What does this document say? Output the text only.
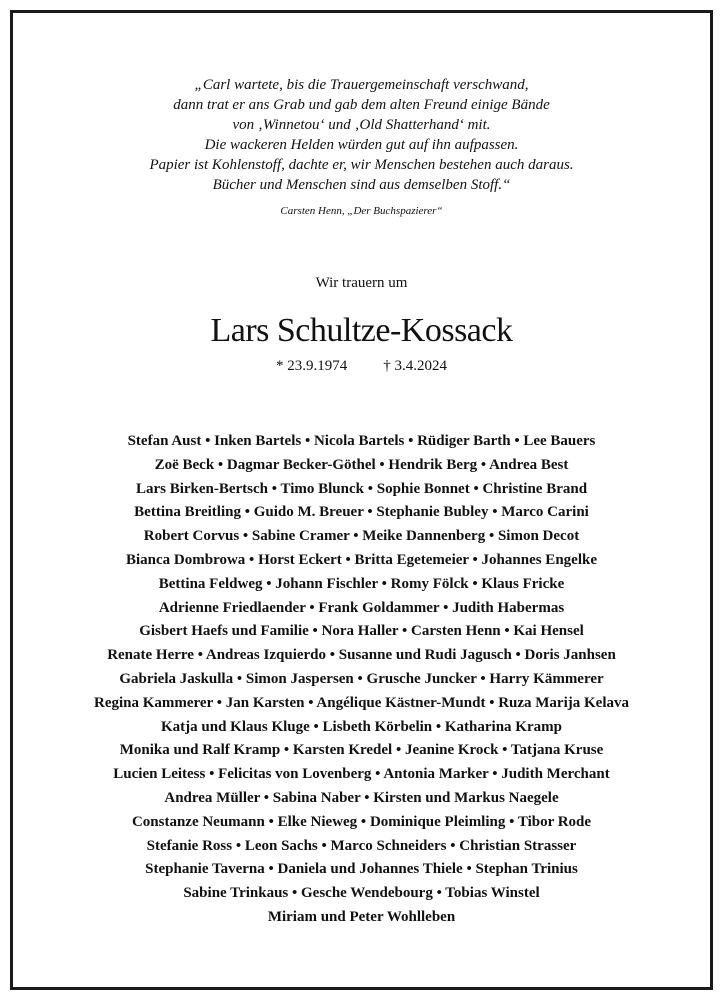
„Carl wartete, bis die Trauergemeinschaft verschwand,
dann trat er ans Grab und gab dem alten Freund einige Bände
von ‚Winnetou‘ und ‚Old Shatterhand‘ mit.
Die wackeren Helden würden gut auf ihn aufpassen.
Papier ist Kohlenstoff, dachte er, wir Menschen bestehen auch daraus.
Bücher und Menschen sind aus demselben Stoff.“
Carsten Henn, „Der Buchspazierer“
Wir trauern um
Lars Schultze-Kossack
* 23.9.1974 † 3.4.2024
Stefan Aust • Inken Bartels • Nicola Bartels • Rüdiger Barth • Lee Bauers
Zoë Beck • Dagmar Becker-Göthel • Hendrik Berg • Andrea Best
Lars Birken-Bertsch • Timo Blunck • Sophie Bonnet • Christine Brand
Bettina Breitling • Guido M. Breuer • Stephanie Bubley • Marco Carini
Robert Corvus • Sabine Cramer • Meike Dannenberg • Simon Decot
Bianca Dombrowa • Horst Eckert • Britta Egetemeier • Johannes Engelke
Bettina Feldweg • Johann Fischler • Romy Fölck • Klaus Fricke
Adrienne Friedlaender • Frank Goldammer • Judith Habermas
Gisbert Haefs und Familie • Nora Haller • Carsten Henn • Kai Hensel
Renate Herre • Andreas Izquierdo • Susanne und Rudi Jagusch • Doris Janhsen
Gabriela Jaskulla • Simon Jaspersen • Grusche Juncker • Harry Kämmerer
Regina Kammerer • Jan Karsten • Angélique Kästner-Mundt • Ruza Marija Kelava
Katja und Klaus Kluge • Lisbeth Körbelin • Katharina Kramp
Monika und Ralf Kramp • Karsten Kredel • Jeanine Krock • Tatjana Kruse
Lucien Leitess • Felicitas von Lovenberg • Antonia Marker • Judith Merchant
Andrea Müller • Sabina Naber • Kirsten und Markus Naegele
Constanze Neumann • Elke Nieweg • Dominique Pleimling • Tibor Rode
Stefanie Ross • Leon Sachs • Marco Schneiders • Christian Strasser
Stephanie Taverna • Daniela und Johannes Thiele • Stephan Trinius
Sabine Trinkaus • Gesche Wendebourg • Tobias Winstel
Miriam und Peter Wohlleben
